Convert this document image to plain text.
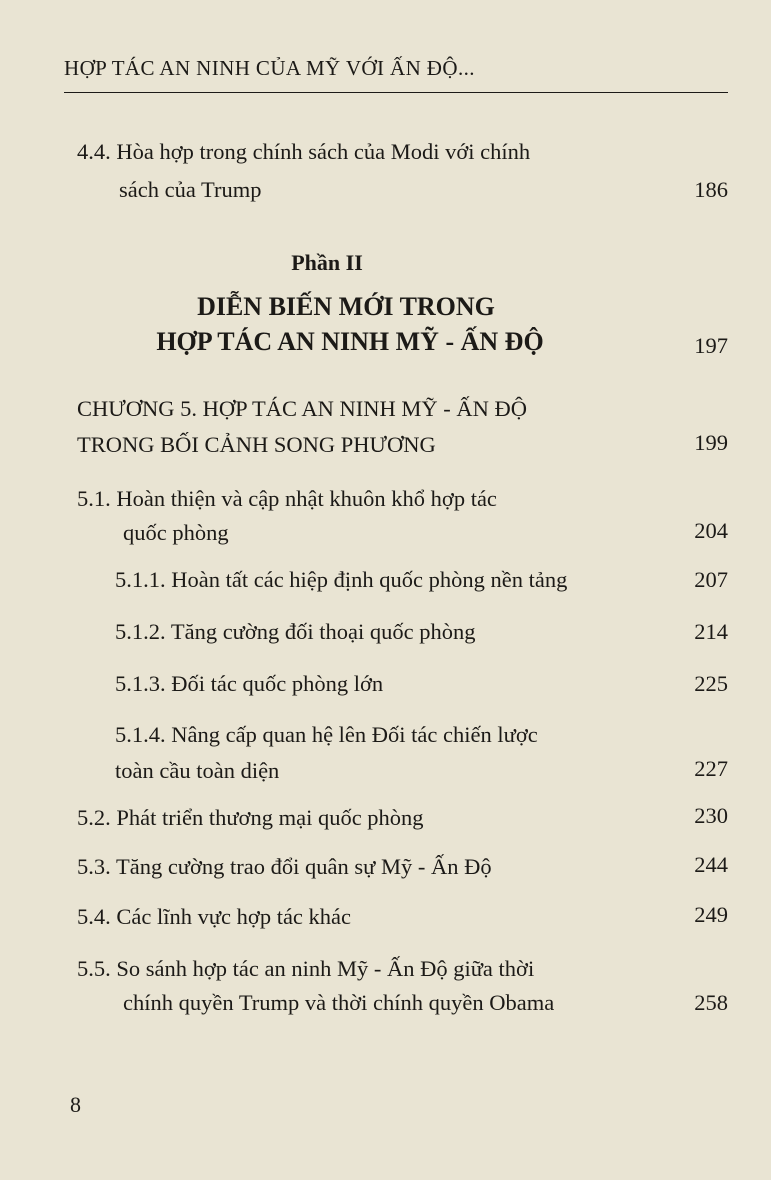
HỢP TÁC AN NINH CỦA MỸ VỚI ẤN ĐỘ...
4.4. Hòa hợp trong chính sách của Modi với chính
sách của Trump	186
Phần II
DIỄN BIẾN MỚI TRONG
HỢP TÁC AN NINH MỸ - ẤN ĐỘ	197
CHƯƠNG 5. HỢP TÁC AN NINH MỸ - ẤN ĐỘ
TRONG BỐI CẢNH SONG PHƯƠNG	199
5.1. Hoàn thiện và cập nhật khuôn khổ hợp tác
quốc phòng	204
5.1.1. Hoàn tất các hiệp định quốc phòng nền tảng	207
5.1.2. Tăng cường đối thoại quốc phòng	214
5.1.3. Đối tác quốc phòng lớn	225
5.1.4. Nâng cấp quan hệ lên Đối tác chiến lược
toàn cầu toàn diện	227
5.2. Phát triển thương mại quốc phòng	230
5.3. Tăng cường trao đổi quân sự Mỹ - Ấn Độ	244
5.4. Các lĩnh vực hợp tác khác	249
5.5. So sánh hợp tác an ninh Mỹ - Ấn Độ giữa thời
chính quyền Trump và thời chính quyền Obama	258
8
